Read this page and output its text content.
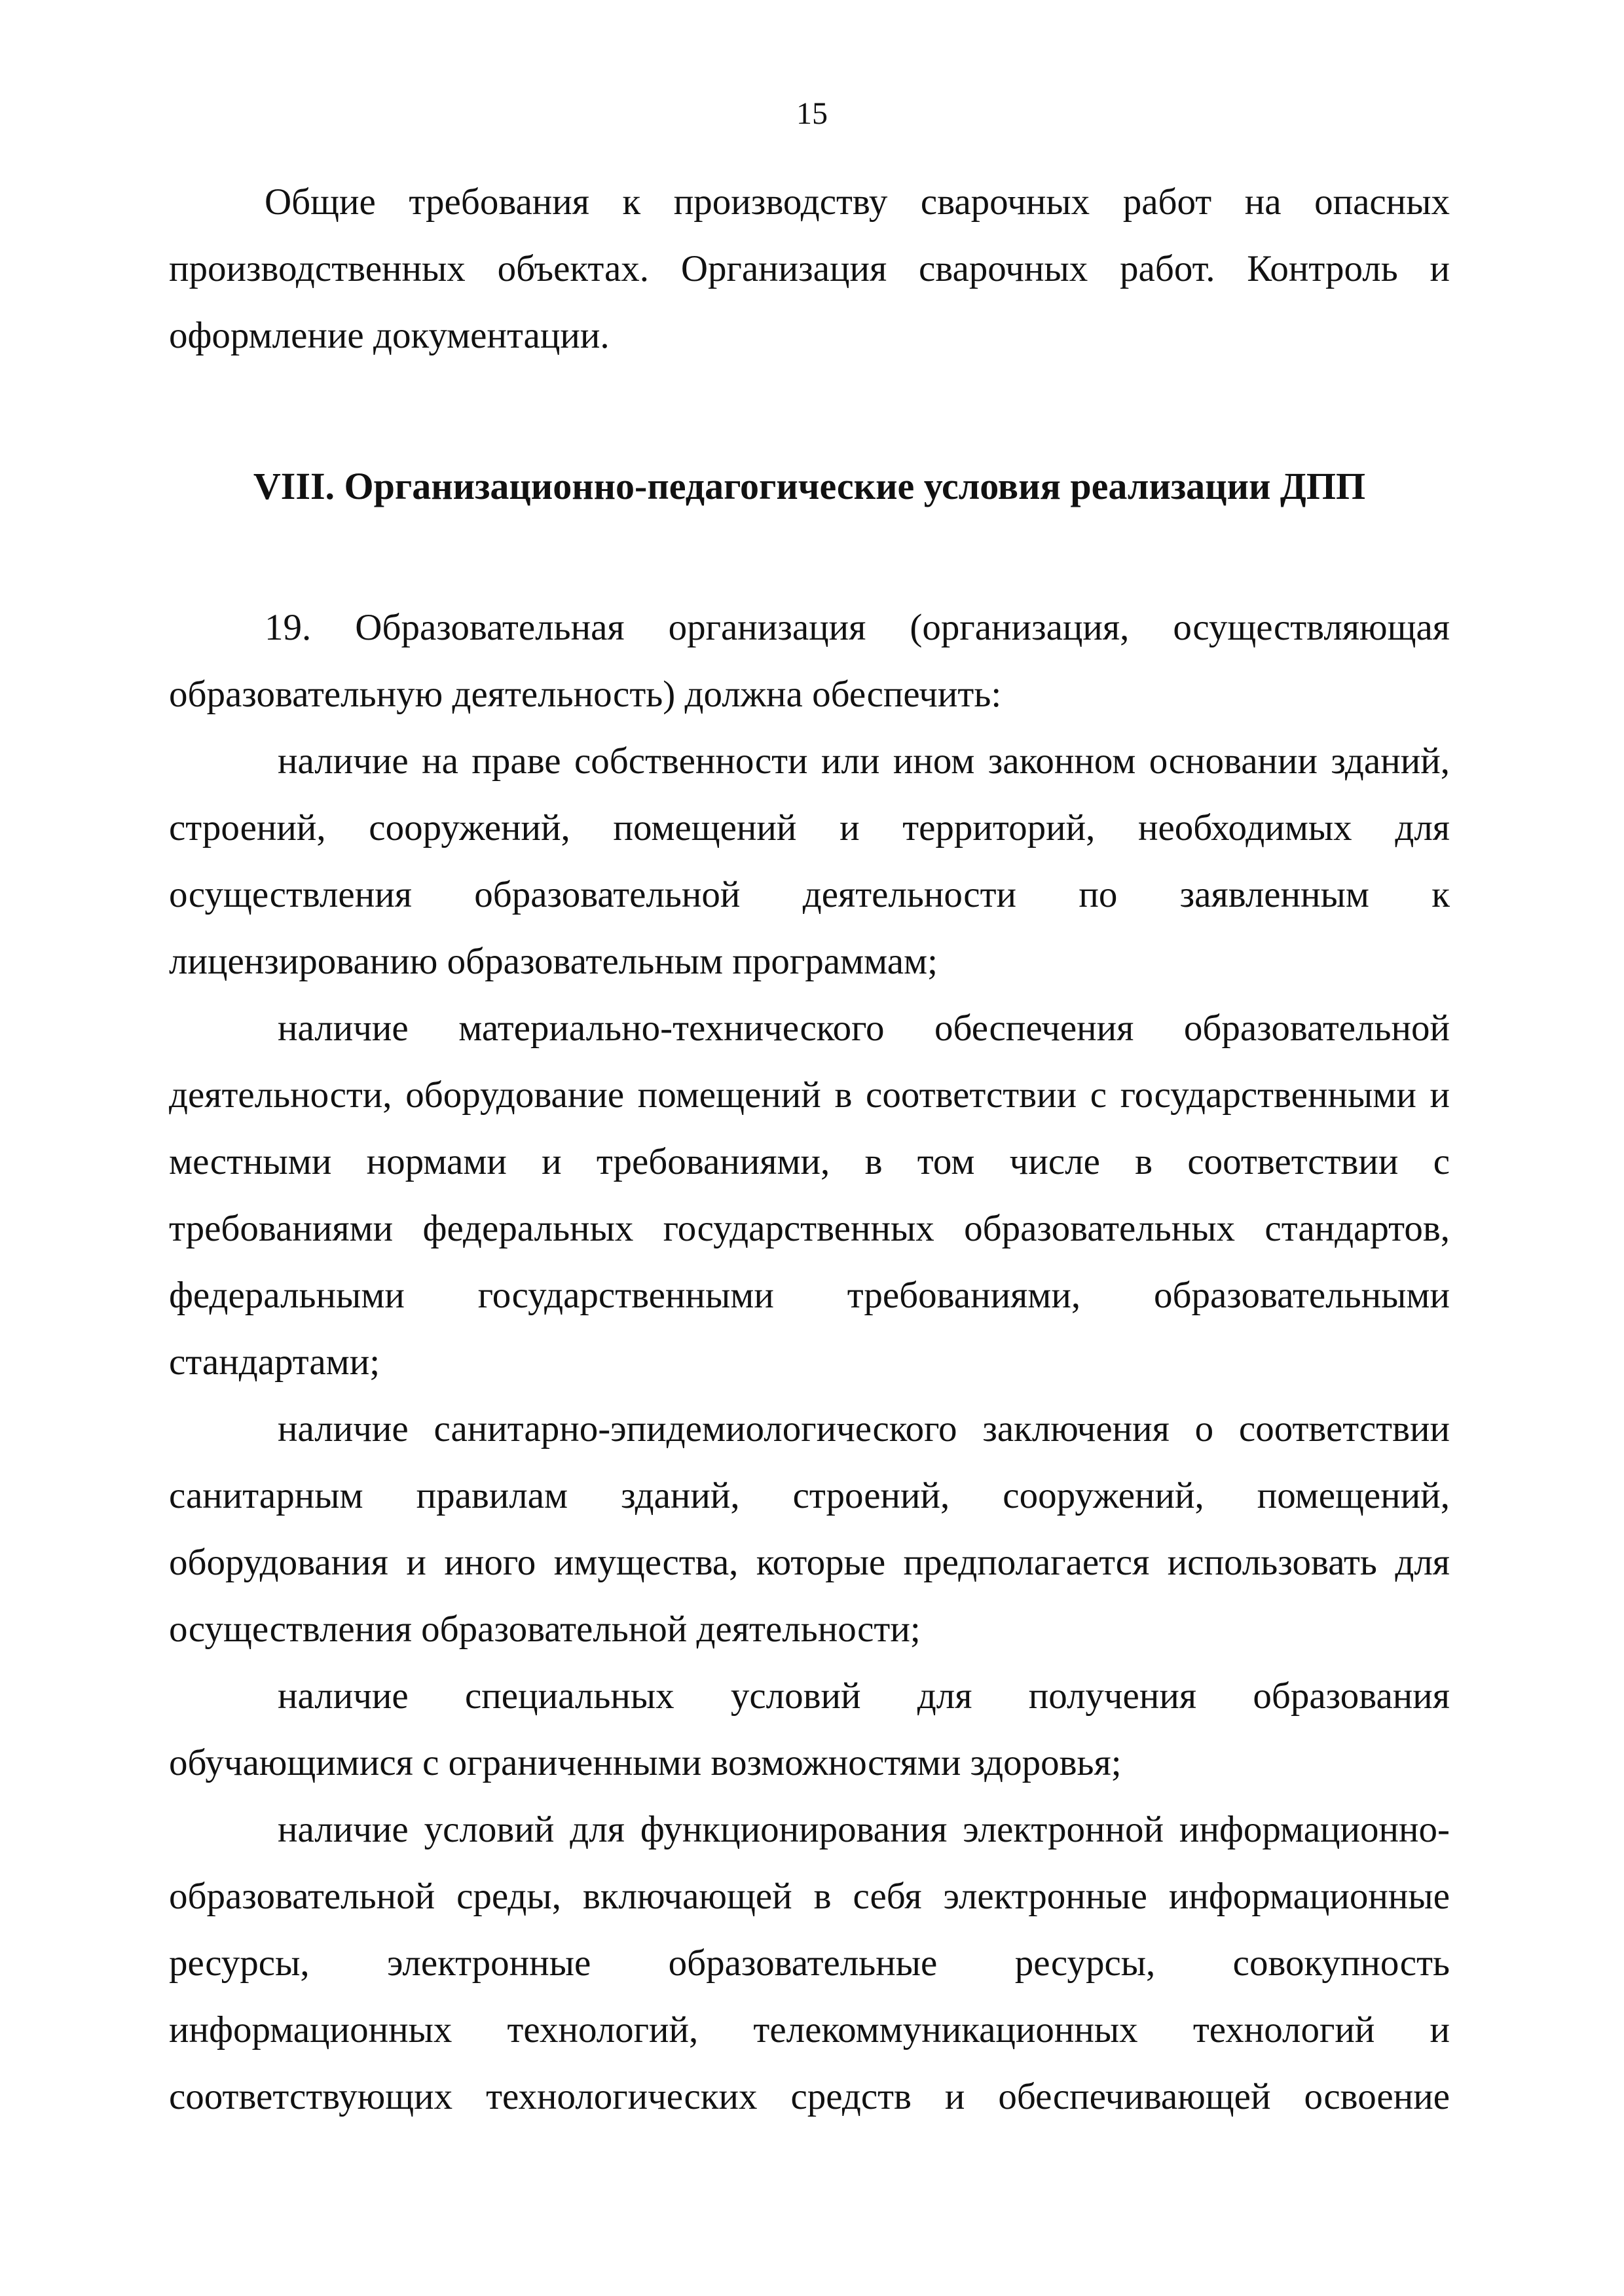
15

Общие требования к производству сварочных работ на опасных производственных объектах. Организация сварочных работ. Контроль и оформление документации.

VIII. Организационно-педагогические условия реализации ДПП

19. Образовательная организация (организация, осуществляющая образовательную деятельность) должна обеспечить:

наличие на праве собственности или ином законном основании зданий, строений, сооружений, помещений и территорий, необходимых для осуществления образовательной деятельности по заявленным к лицензированию образовательным программам;

наличие материально-технического обеспечения образовательной деятельности, оборудование помещений в соответствии с государственными и местными нормами и требованиями, в том числе в соответствии с требованиями федеральных государственных образовательных стандартов, федеральными государственными требованиями, образовательными стандартами;

наличие санитарно-эпидемиологического заключения о соответствии санитарным правилам зданий, строений, сооружений, помещений, оборудования и иного имущества, которые предполагается использовать для осуществления образовательной деятельности;

наличие специальных условий для получения образования обучающимися с ограниченными возможностями здоровья;

наличие условий для функционирования электронной информационно-образовательной среды, включающей в себя электронные информационные ресурсы, электронные образовательные ресурсы, совокупность информационных технологий, телекоммуникационных технологий и соответствующих технологических средств и обеспечивающей освоение
